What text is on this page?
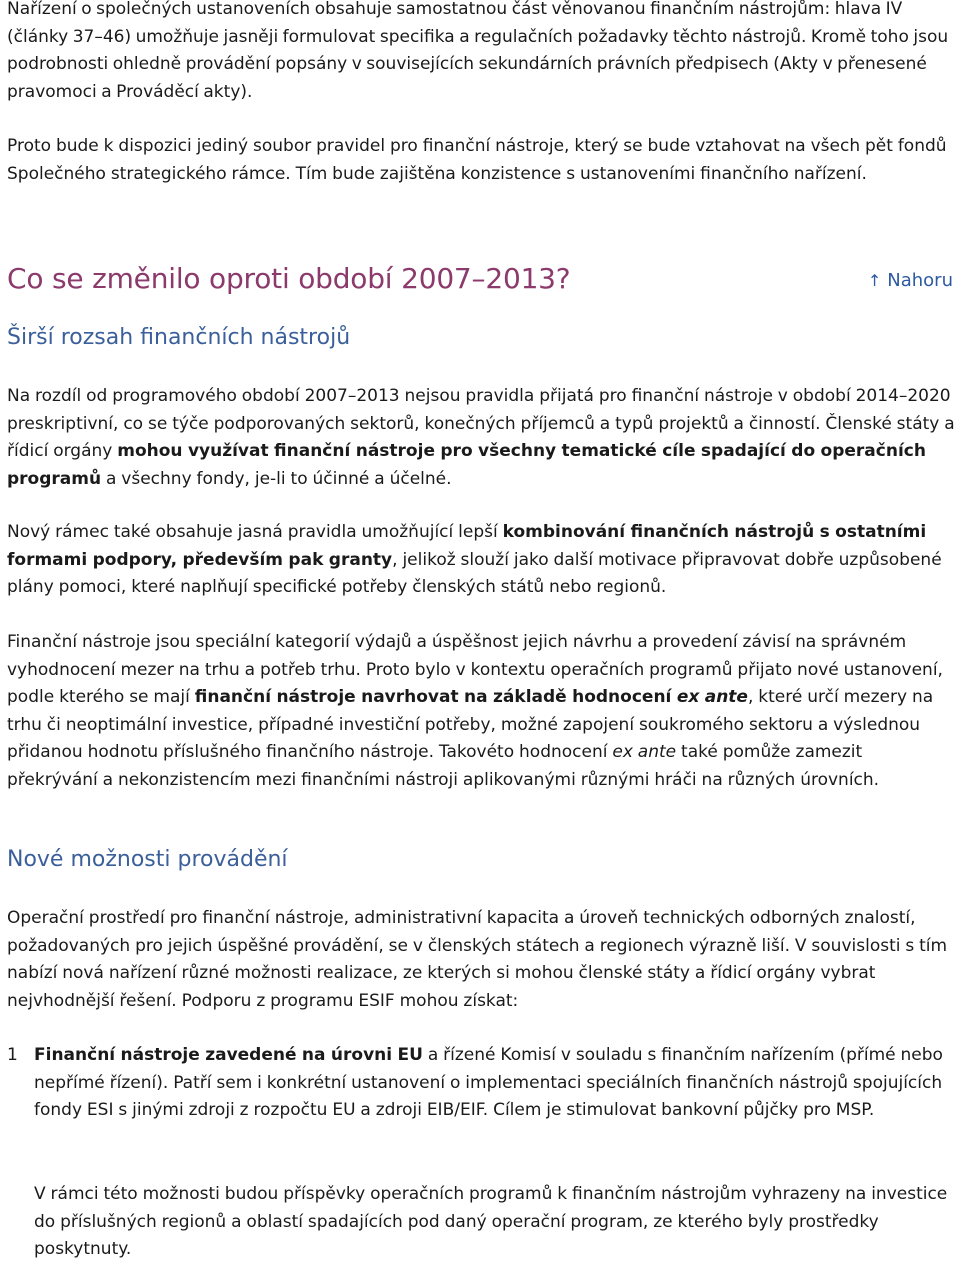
Nařízení o společných ustanoveních obsahuje samostatnou část věnovanou finančním nástrojům: hlava IV (články 37–46) umožňuje jasněji formulovat specifika a regulačních požadavky těchto nástrojů. Kromě toho jsou podrobnosti ohledně provádění popsány v souvisejících sekundárních právních předpisech (Akty v přenesené pravomoci a Prováděcí akty).

Proto bude k dispozici jediný soubor pravidel pro finanční nástroje, který se bude vztahovat na všech pět fondů Společného strategického rámce. Tím bude zajištěna konzistence s ustanoveními finančního nařízení.

Co se změnilo oproti období 2007–2013?	↑ Nahoru
Širší rozsah finančních nástrojů

Na rozdíl od programového období 2007–2013 nejsou pravidla přijatá pro finanční nástroje v období 2014–2020 preskriptivní, co se týče podporovaných sektorů, konečných příjemců a typů projektů a činností. Členské státy a řídicí orgány mohou využívat finanční nástroje pro všechny tematické cíle spadající do operačních programů a všechny fondy, je-li to účinné a účelné.

Nový rámec také obsahuje jasná pravidla umožňující lepší kombinování finančních nástrojů s ostatními formami podpory, především pak granty, jelikož slouží jako další motivace připravovat dobře uzpůsobené plány pomoci, které naplňují specifické potřeby členských států nebo regionů.

Finanční nástroje jsou speciální kategorií výdajů a úspěšnost jejich návrhu a provedení závisí na správném vyhodnocení mezer na trhu a potřeb trhu. Proto bylo v kontextu operačních programů přijato nové ustanovení, podle kterého se mají finanční nástroje navrhovat na základě hodnocení ex ante, které určí mezery na trhu či neoptimální investice, případné investiční potřeby, možné zapojení soukromého sektoru a výslednou přidanou hodnotu příslušného finančního nástroje. Takovéto hodnocení ex ante také pomůže zamezit překrývání a nekonzistencím mezi finančními nástroji aplikovanými různými hráči na různých úrovních.

Nové možnosti provádění

Operační prostředí pro finanční nástroje, administrativní kapacita a úroveň technických odborných znalostí, požadovaných pro jejich úspěšné provádění, se v členských státech a regionech výrazně liší. V souvislosti s tím nabízí nová nařízení různé možnosti realizace, ze kterých si mohou členské státy a řídicí orgány vybrat nejvhodnější řešení. Podporu z programu ESIF mohou získat:

1 Finanční nástroje zavedené na úrovni EU a řízené Komisí v souladu s finančním nařízením (přímé nebo nepřímé řízení). Patří sem i konkrétní ustanovení o implementaci speciálních finančních nástrojů spojujících fondy ESI s jinými zdroji z rozpočtu EU a zdroji EIB/EIF. Cílem je stimulovat bankovní půjčky pro MSP.

V rámci této možnosti budou příspěvky operačních programů k finančním nástrojům vyhrazeny na investice do příslušných regionů a oblastí spadajících pod daný operační program, ze kterého byly prostředky poskytnuty.
